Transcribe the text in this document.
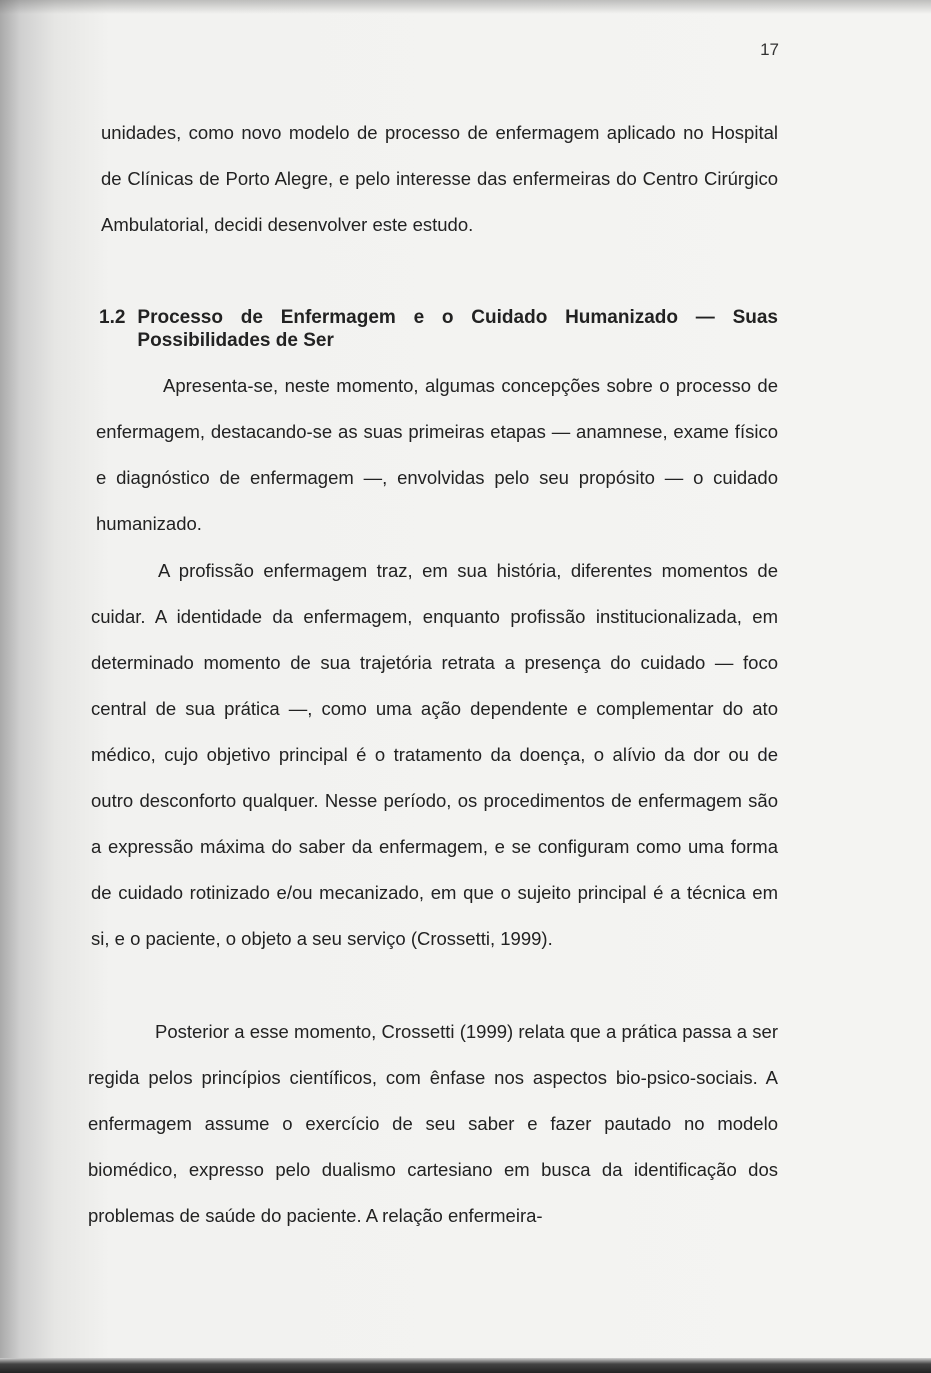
17

unidades, como novo modelo de processo de enfermagem aplicado no Hospital de Clínicas de Porto Alegre, e pelo interesse das enfermeiras do Centro Cirúrgico Ambulatorial, decidi desenvolver este estudo.

1.2 Processo de Enfermagem e o Cuidado Humanizado — Suas Possibilidades de Ser

Apresenta-se, neste momento, algumas concepções sobre o processo de enfermagem, destacando-se as suas primeiras etapas — anamnese, exame físico e diagnóstico de enfermagem —, envolvidas pelo seu propósito — o cuidado humanizado.

A profissão enfermagem traz, em sua história, diferentes momentos de cuidar. A identidade da enfermagem, enquanto profissão institucionalizada, em determinado momento de sua trajetória retrata a presença do cuidado — foco central de sua prática —, como uma ação dependente e complementar do ato médico, cujo objetivo principal é o tratamento da doença, o alívio da dor ou de outro desconforto qualquer. Nesse período, os procedimentos de enfermagem são a expressão máxima do saber da enfermagem, e se configuram como uma forma de cuidado rotinizado e/ou mecanizado, em que o sujeito principal é a técnica em si, e o paciente, o objeto a seu serviço (Crossetti, 1999).

Posterior a esse momento, Crossetti (1999) relata que a prática passa a ser regida pelos princípios científicos, com ênfase nos aspectos bio-psico-sociais. A enfermagem assume o exercício de seu saber e fazer pautado no modelo biomédico, expresso pelo dualismo cartesiano em busca da identificação dos problemas de saúde do paciente. A relação enfermeira-
